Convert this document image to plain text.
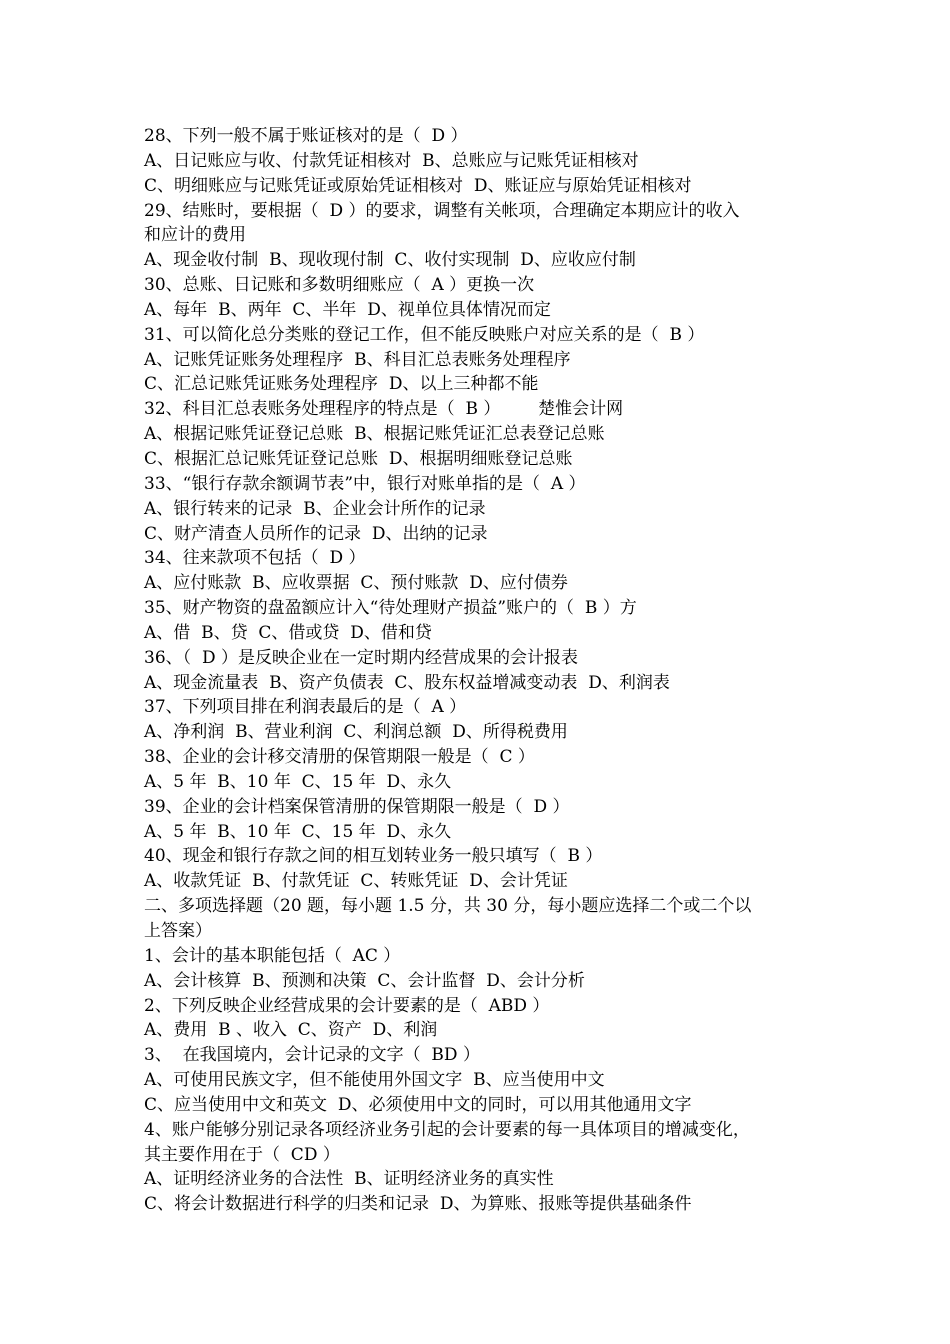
28、下列一般不属于账证核对的是（  D ）
A、日记账应与收、付款凭证相核对  B、总账应与记账凭证相核对
C、明细账应与记账凭证或原始凭证相核对  D、账证应与原始凭证相核对
29、结账时，要根据（  D ）的要求，调整有关帐项，合理确定本期应计的收入
和应计的费用
A、现金收付制  B、现收现付制  C、收付实现制  D、应收应付制
30、总账、日记账和多数明细账应（  A ）更换一次
A、每年  B、两年  C、半年  D、视单位具体情况而定
31、可以简化总分类账的登记工作，但不能反映账户对应关系的是（  B ）
A、记账凭证账务处理程序  B、科目汇总表账务处理程序
C、汇总记账凭证账务处理程序  D、以上三种都不能
32、科目汇总表账务处理程序的特点是（  B ）       楚惟会计网
A、根据记账凭证登记总账  B、根据记账凭证汇总表登记总账
C、根据汇总记账凭证登记总账  D、根据明细账登记总账
33、“银行存款余额调节表”中，银行对账单指的是（  A ）
A、银行转来的记录  B、企业会计所作的记录
C、财产清查人员所作的记录  D、出纳的记录
34、往来款项不包括（  D ）
A、应付账款  B、应收票据  C、预付账款  D、应付债券
35、财产物资的盘盈额应计入“待处理财产损益”账户的（  B ）方
A、借  B、贷  C、借或贷  D、借和贷
36、（  D ）是反映企业在一定时期内经营成果的会计报表
A、现金流量表  B、资产负债表  C、股东权益增减变动表  D、利润表
37、下列项目排在利润表最后的是（  A ）
A、净利润  B、营业利润  C、利润总额  D、所得税费用
38、企业的会计移交清册的保管期限一般是（  C ）
A、5 年  B、10 年  C、15 年  D、永久
39、企业的会计档案保管清册的保管期限一般是（  D ）
A、5 年  B、10 年  C、15 年  D、永久
40、现金和银行存款之间的相互划转业务一般只填写（  B ）
A、收款凭证  B、付款凭证  C、转账凭证  D、会计凭证
二、多项选择题（20 题，每小题 1.5 分，共 30 分，每小题应选择二个或二个以
上答案）
1、会计的基本职能包括（  AC ）
A、会计核算  B、预测和决策  C、会计监督  D、会计分析
2、下列反映企业经营成果的会计要素的是（  ABD ）
A、费用  B 、收入  C、资产  D、利润
3、  在我国境内，会计记录的文字（  BD ）
A、可使用民族文字，但不能使用外国文字  B、应当使用中文
C、应当使用中文和英文  D、必须使用中文的同时，可以用其他通用文字
4、账户能够分别记录各项经济业务引起的会计要素的每一具体项目的增减变化，
其主要作用在于（  CD ）
A、证明经济业务的合法性  B、证明经济业务的真实性
C、将会计数据进行科学的归类和记录  D、为算账、报账等提供基础条件
